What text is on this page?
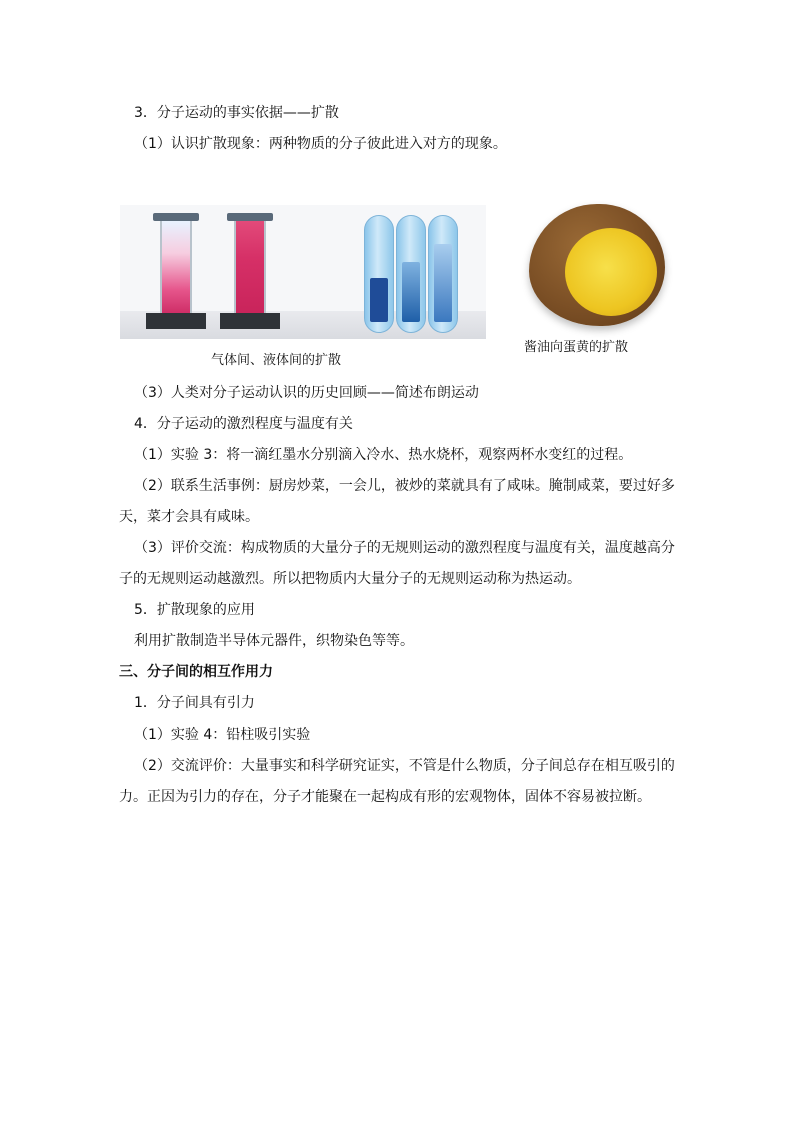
3．分子运动的事实依据——扩散
（1）认识扩散现象：两种物质的分子彼此进入对方的现象。
气体间、液体间的扩散
酱油向蛋黄的扩散
（3）人类对分子运动认识的历史回顾——简述布朗运动
4．分子运动的激烈程度与温度有关
（1）实验 3：将一滴红墨水分别滴入冷水、热水烧杯，观察两杯水变红的过程。
（2）联系生活事例：厨房炒菜，一会儿，被炒的菜就具有了咸味。腌制咸菜，要过好多
天，菜才会具有咸味。
（3）评价交流：构成物质的大量分子的无规则运动的激烈程度与温度有关，温度越高分
子的无规则运动越激烈。所以把物质内大量分子的无规则运动称为热运动。
5．扩散现象的应用
利用扩散制造半导体元器件，织物染色等等。
三、分子间的相互作用力
1．分子间具有引力
（1）实验 4：铅柱吸引实验
（2）交流评价：大量事实和科学研究证实，不管是什么物质，分子间总存在相互吸引的
力。正因为引力的存在，分子才能聚在一起构成有形的宏观物体，固体不容易被拉断。
